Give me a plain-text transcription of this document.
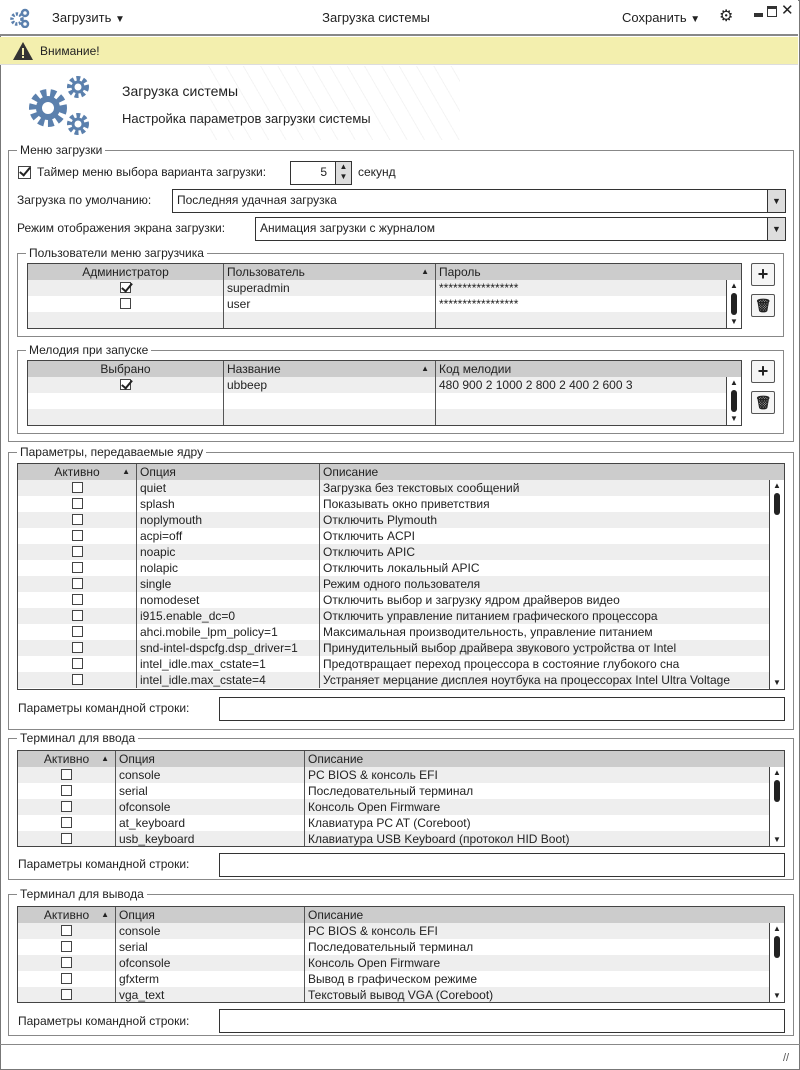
Загрузить ▼	Загрузка системы	Сохранить ▼ ⚙	✕
Внимание!
Загрузка системы
Настройка параметров загрузки системы
Меню загрузки
Таймер меню выбора варианта загрузки:	5	▲
▼ секунд
Загрузка по умолчанию:	Последняя удачная загрузка	▼
Режим отображения экрана загрузки:	Анимация загрузки с журналом	▼
Пользователи меню загрузчика
Администратор	Пользователь	▲ Пароль
superadmin	*****************
user	*****************
▲
▼
+
🗑
Мелодия при запуске
Выбрано	Название	▲ Код мелодии
ubbeep	480 900 2 1000 2 800 2 400 2 600 3	▲
▼
+
🗑
Параметры, передаваемые ядру
Активно	▲ Опция	Описание
quiet	Загрузка без текстовых сообщений
splash	Показывать окно приветствия
noplymouth	Отключить Plymouth
acpi=off	Отключить ACPI
noapic	Отключить APIC
nolapic	Отключить локальный APIC
single	Режим одного пользователя
nomodeset	Отключить выбор и загрузку ядром драйверов видео
i915.enable_dc=0	Отключить управление питанием графического процессора
ahci.mobile_lpm_policy=1	Максимальная производительность, управление питанием
snd-intel-dspcfg.dsp_driver=1	Принудительный выбор драйвера звукового устройства от Intel
intel_idle.max_cstate=1	Предотвращает переход процессора в состояние глубокого сна
intel_idle.max_cstate=4	Устраняет мерцание дисплея ноутбука на процессорах Intel Ultra Voltage
▲
▼
Параметры командной строки:
Терминал для ввода
Активно ▲ Опция	Описание
console	PC BIOS & консоль EFI
serial	Последовательный терминал
ofconsole	Консоль Open Firmware
at_keyboard	Клавиатура PC AT (Coreboot)
usb_keyboard	Клавиатура USB Keyboard (протокол HID Boot)
▲
▼
Параметры командной строки:
Терминал для вывода
Активно ▲ Опция	Описание
console	PC BIOS & консоль EFI
serial	Последовательный терминал
ofconsole	Консоль Open Firmware
gfxterm	Вывод в графическом режиме
vga_text	Текстовый вывод VGA (Coreboot)
▲
▼
Параметры командной строки:
//
